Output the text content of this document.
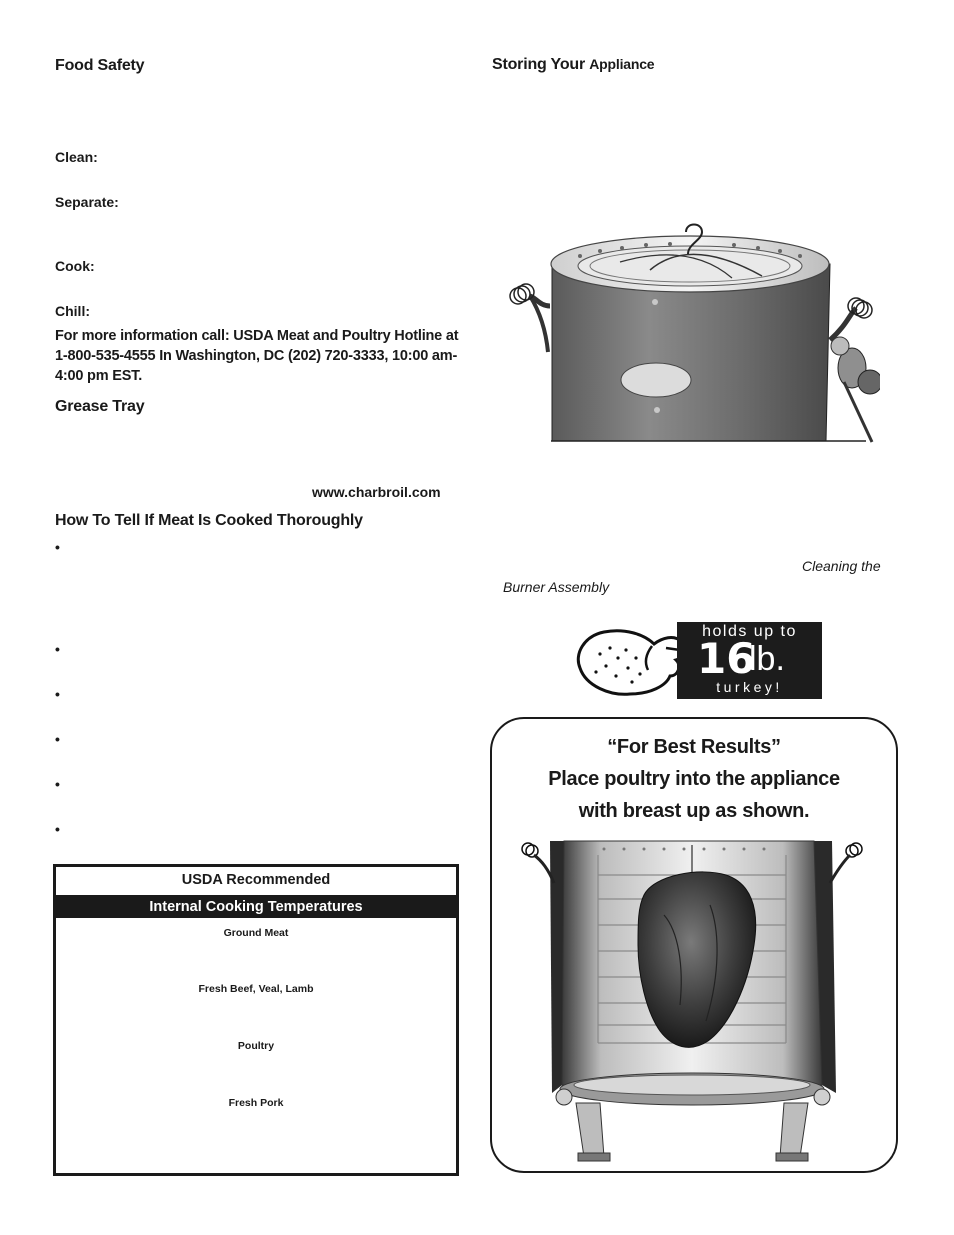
Food Safety
Clean:
Separate:
Cook:
Chill:
For more information call: USDA Meat and Poultry Hotline at
1-800-535-4555 In Washington, DC (202) 720-3333, 10:00 am-
4:00 pm EST.
Grease Tray
www.charbroil.com
How To Tell If Meat Is Cooked Thoroughly
•
•
•
•
•
•
USDA Recommended
Internal Cooking Temperatures
Ground Meat
Fresh Beef, Veal, Lamb
Poultry
Fresh Pork
Storing Your Appliance
Cleaning the
Burner Assembly
holds up to
16
lb.
turkey!
“For Best Results”
Place poultry into the appliance
with breast up as shown.
